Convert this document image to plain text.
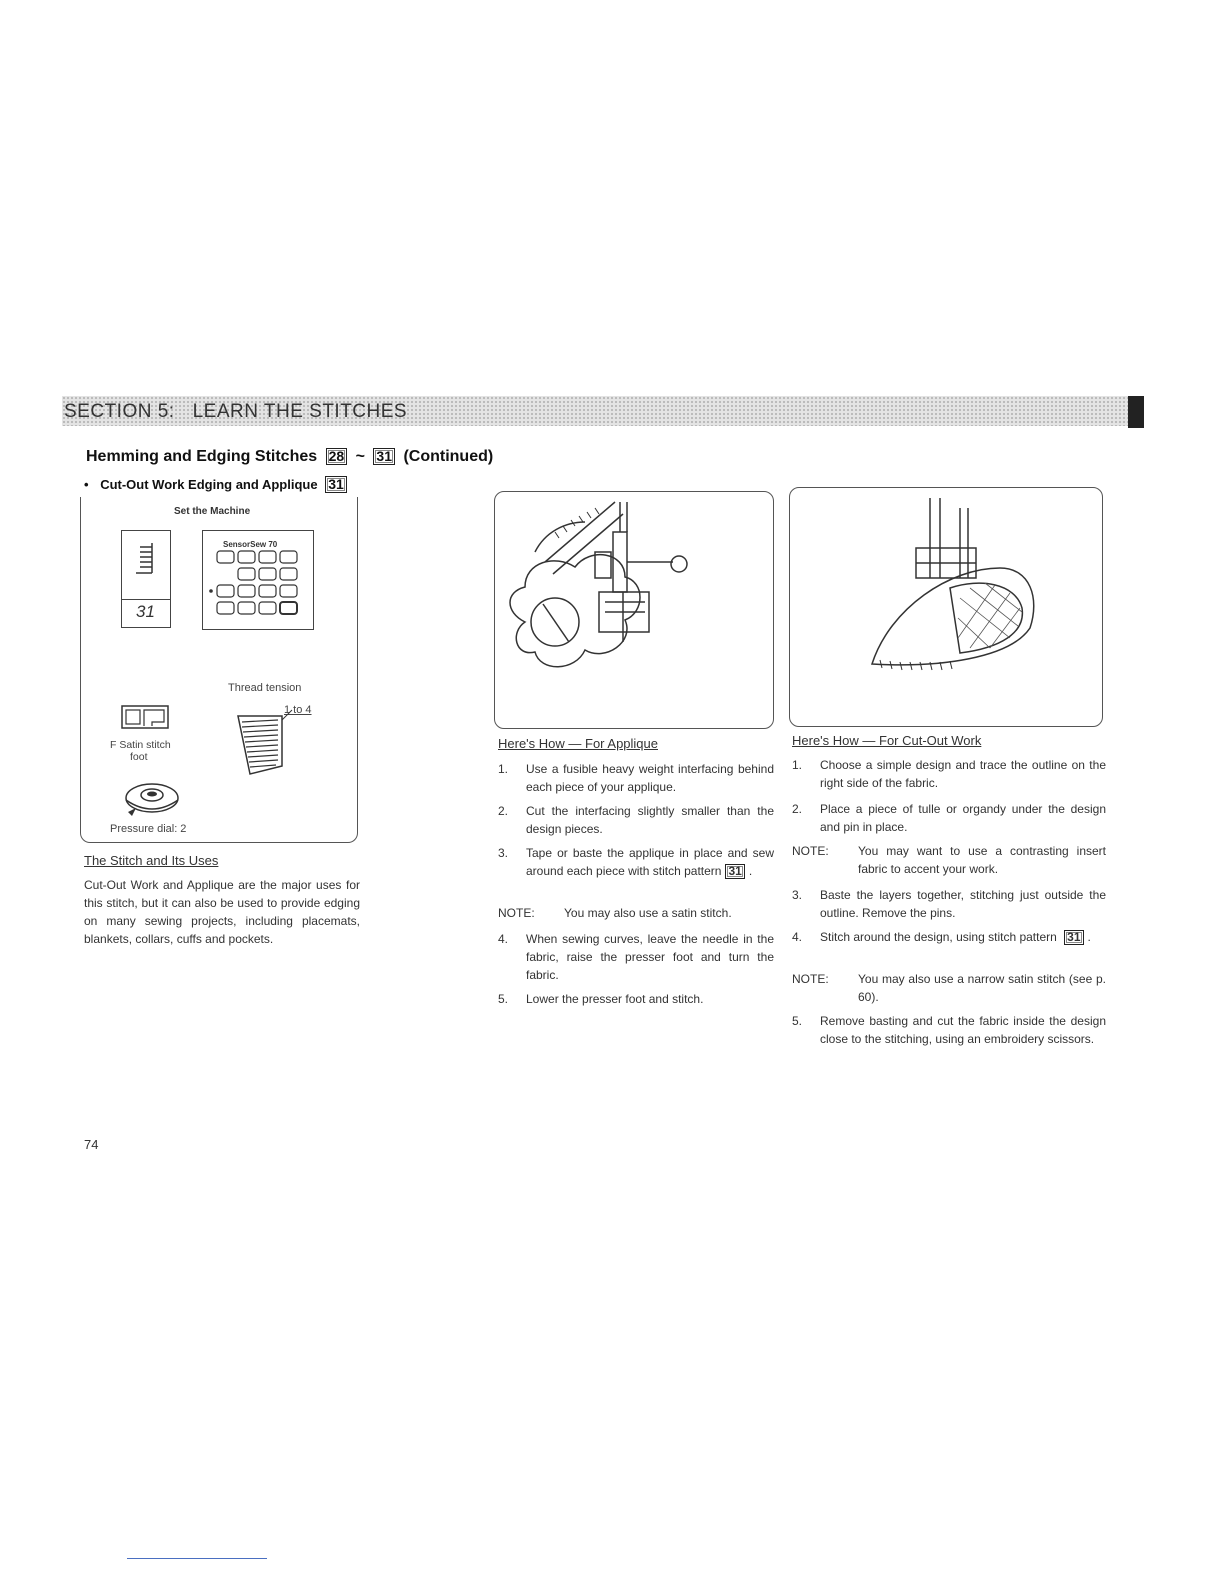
SECTION 5: LEARN THE STITCHES
Hemming and Edging Stitches 28 ~ 31 (Continued)
• Cut-Out Work Edging and Applique 31
Set the Machine
31
SensorSew 70
Thread tension
1 to 4
F Satin stitch
foot
Pressure dial: 2
The Stitch and Its Uses
Cut-Out Work and Applique are the major uses for this stitch, but it can also be used to provide edging on many sewing projects, including placemats, blankets, collars, cuffs and pockets.
Here's How — For Applique
1. Use a fusible heavy weight interfacing behind each piece of your applique.
2. Cut the interfacing slightly smaller than the design pieces.
3. Tape or baste the applique in place and sew around each piece with stitch pattern 31 .
NOTE: You may also use a satin stitch.
4. When sewing curves, leave the needle in the fabric, raise the presser foot and turn the fabric.
5. Lower the presser foot and stitch.
Here's How — For Cut-Out Work
1. Choose a simple design and trace the outline on the right side of the fabric.
2. Place a piece of tulle or organdy under the design and pin in place.
NOTE: You may want to use a contrasting insert fabric to accent your work.
3. Baste the layers together, stitching just outside the outline. Remove the pins.
4. Stitch around the design, using stitch pattern 31 .
NOTE: You may also use a narrow satin stitch (see p. 60).
5. Remove basting and cut the fabric inside the design close to the stitching, using an embroidery scissors.
74
